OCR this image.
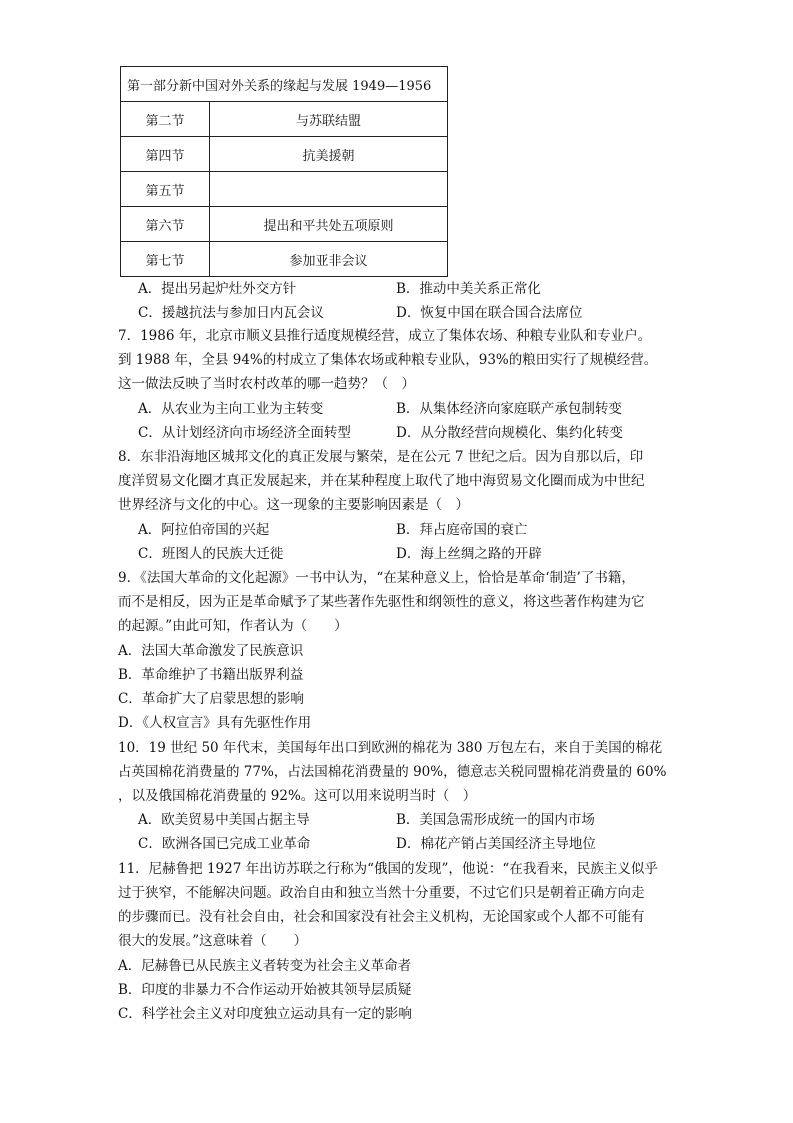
第一部分新中国对外关系的缘起与发展 1949—1956	
第二节	与苏联结盟
第四节	抗美援朝
第五节	
第六节	提出和平共处五项原则
第七节	参加亚非会议
A．提出另起炉灶外交方针	B．推动中美关系正常化
C．援越抗法与参加日内瓦会议	D．恢复中国在联合国合法席位
7．1986 年，北京市顺义县推行适度规模经营，成立了集体农场、种粮专业队和专业户。
到 1988 年，全县 94%的村成立了集体农场或种粮专业队，93%的粮田实行了规模经营。
这一做法反映了当时农村改革的哪一趋势？（　）
A．从农业为主向工业为主转变	B．从集体经济向家庭联产承包制转变
C．从计划经济向市场经济全面转型	D．从分散经营向规模化、集约化转变
8．东非沿海地区城邦文化的真正发展与繁荣，是在公元 7 世纪之后。因为自那以后，印
度洋贸易文化圈才真正发展起来，并在某种程度上取代了地中海贸易文化圈而成为中世纪
世界经济与文化的中心。这一现象的主要影响因素是（　）
A．阿拉伯帝国的兴起	B．拜占庭帝国的衰亡
C．班图人的民族大迁徙	D．海上丝绸之路的开辟
9．《法国大革命的文化起源》一书中认为，“在某种意义上，恰恰是革命‘制造’了书籍，
而不是相反，因为正是革命赋予了某些著作先驱性和纲领性的意义，将这些著作构建为它
的起源。”由此可知，作者认为（　　）
A．法国大革命激发了民族意识
B．革命维护了书籍出版界利益
C．革命扩大了启蒙思想的影响
D．《人权宣言》具有先驱性作用
10．19 世纪 50 年代末，美国每年出口到欧洲的棉花为 380 万包左右，来自于美国的棉花
占英国棉花消费量的 77%，占法国棉花消费量的 90%，德意志关税同盟棉花消费量的 60%
，以及俄国棉花消费量的 92%。这可以用来说明当时（　）
A．欧美贸易中美国占据主导	B．美国急需形成统一的国内市场
C．欧洲各国已完成工业革命	D．棉花产销占美国经济主导地位
11．尼赫鲁把 1927 年出访苏联之行称为“俄国的发现”，他说：“在我看来，民族主义似乎
过于狭窄，不能解决问题。政治自由和独立当然十分重要，不过它们只是朝着正确方向走
的步骤而已。没有社会自由，社会和国家没有社会主义机构，无论国家或个人都不可能有
很大的发展。”这意味着（　　）
A．尼赫鲁已从民族主义者转变为社会主义革命者
B．印度的非暴力不合作运动开始被其领导层质疑
C．科学社会主义对印度独立运动具有一定的影响
